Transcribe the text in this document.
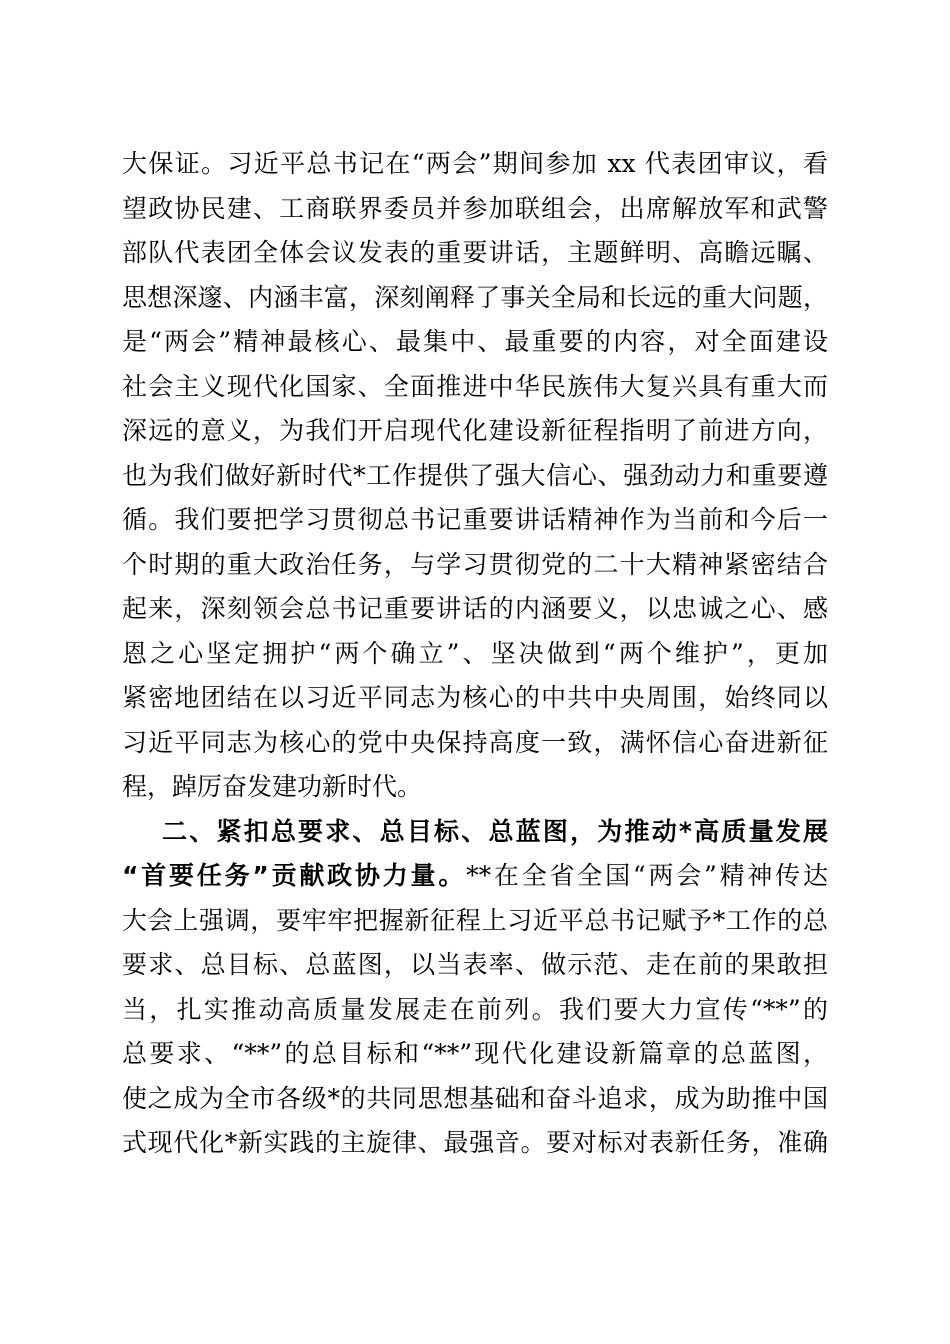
大保证。习近平总书记在“两会”期间参加 xx 代表团审议，看
望政协民建、工商联界委员并参加联组会，出席解放军和武警
部队代表团全体会议发表的重要讲话，主题鲜明、高瞻远瞩、
思想深邃、内涵丰富，深刻阐释了事关全局和长远的重大问题，
是“两会”精神最核心、最集中、最重要的内容，对全面建设
社会主义现代化国家、全面推进中华民族伟大复兴具有重大而
深远的意义，为我们开启现代化建设新征程指明了前进方向，
也为我们做好新时代*工作提供了强大信心、强劲动力和重要遵
循。我们要把学习贯彻总书记重要讲话精神作为当前和今后一
个时期的重大政治任务，与学习贯彻党的二十大精神紧密结合
起来，深刻领会总书记重要讲话的内涵要义，以忠诚之心、感
恩之心坚定拥护“两个确立”、坚决做到“两个维护”，更加
紧密地团结在以习近平同志为核心的中共中央周围，始终同以
习近平同志为核心的党中央保持高度一致，满怀信心奋进新征
程，踔厉奋发建功新时代。
二、紧扣总要求、总目标、总蓝图，为推动*高质量发展
“首要任务”贡献政协力量。**在全省全国“两会”精神传达
大会上强调，要牢牢把握新征程上习近平总书记赋予*工作的总
要求、总目标、总蓝图，以当表率、做示范、走在前的果敢担
当，扎实推动高质量发展走在前列。我们要大力宣传“**”的
总要求、“**”的总目标和“**”现代化建设新篇章的总蓝图，
使之成为全市各级*的共同思想基础和奋斗追求，成为助推中国
式现代化*新实践的主旋律、最强音。要对标对表新任务，准确
